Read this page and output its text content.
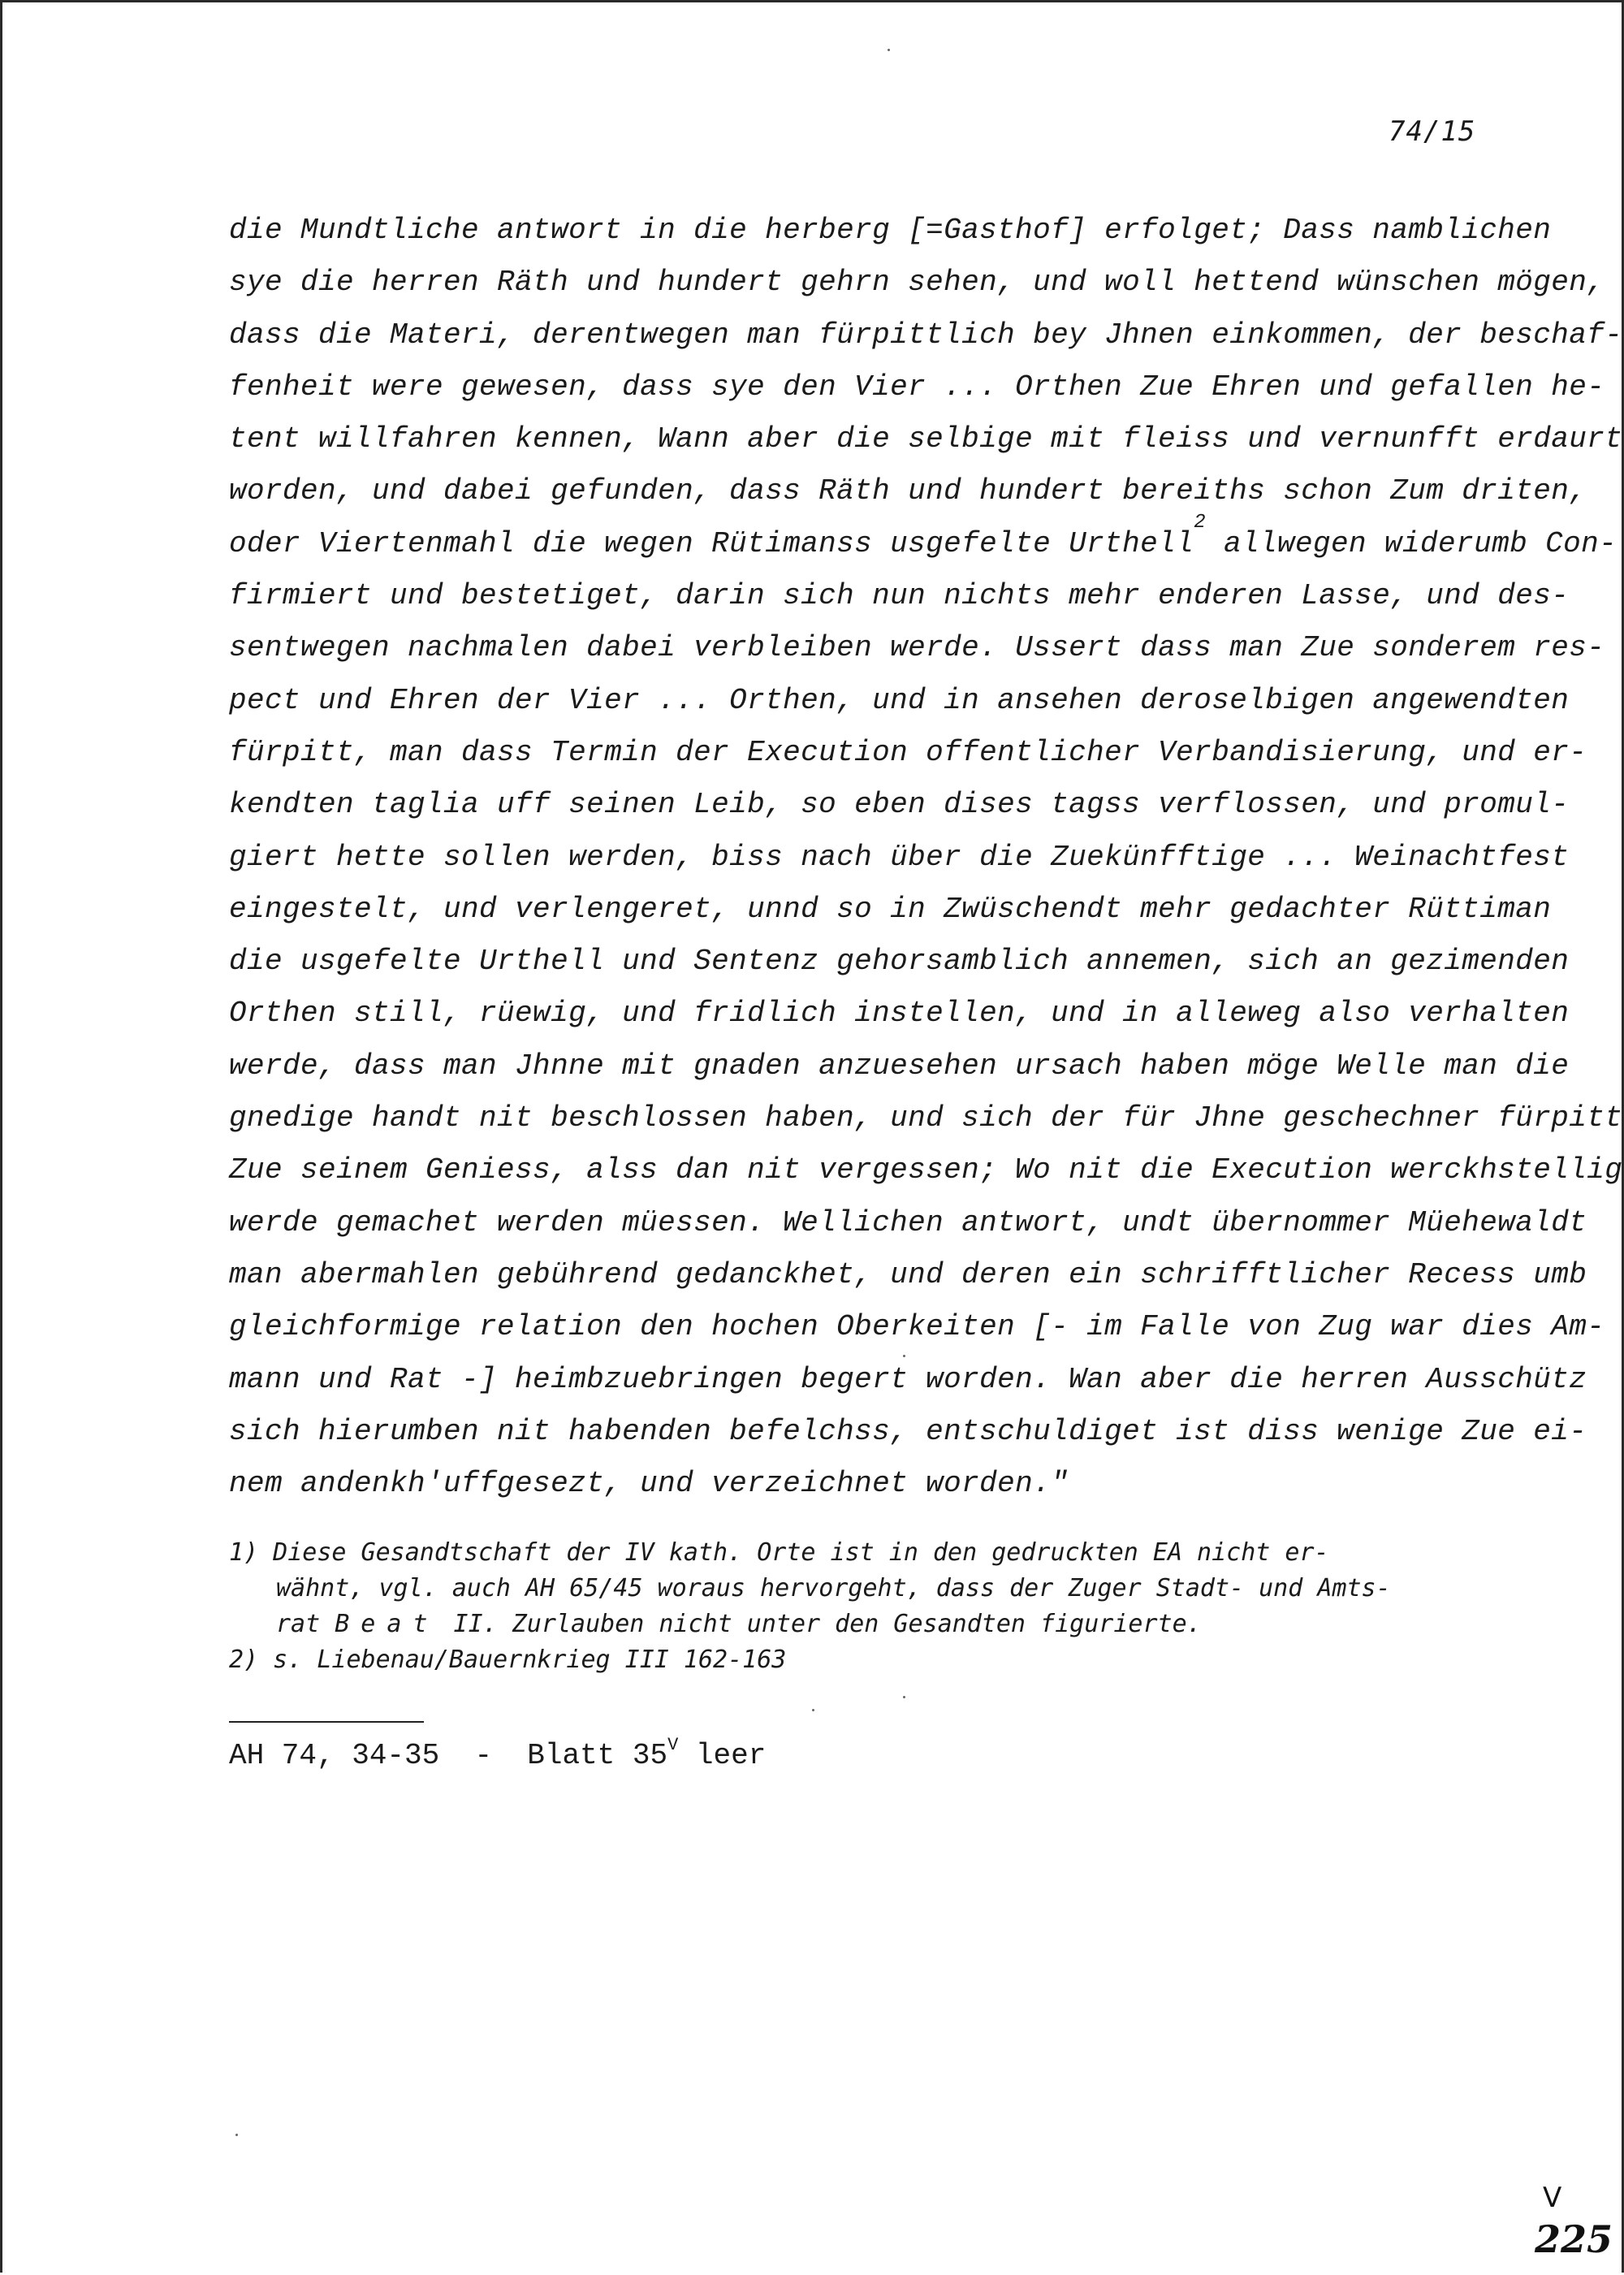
74/15
die Mundtliche antwort in die herberg [=Gasthof] erfolget; Dass namblichen
sye die herren Räth und hundert gehrn sehen, und woll hettend wünschen mögen,
dass die Materi, derentwegen man fürpittlich bey Jhnen einkommen, der beschaf-
fenheit were gewesen, dass sye den Vier ... Orthen Zue Ehren und gefallen he-
tent willfahren kennen, Wann aber die selbige mit fleiss und vernunfft erdaurt
worden, und dabei gefunden, dass Räth und hundert bereiths schon Zum driten,
oder Viertenmahl die wegen Rütimanss usgefelte Urthell$^2$ allwegen widerumb Con-
firmiert und bestetiget, darin sich nun nichts mehr enderen Lasse, und des-
sentwegen nachmalen dabei verbleiben werde. Ussert dass man Zue sonderem res-
pect und Ehren der Vier ... Orthen, und in ansehen deroselbigen angewendten
fürpitt, man dass Termin der Execution offentlicher Verbandisierung, und er-
kendten taglia uff seinen Leib, so eben dises tagss verflossen, und promul-
giert hette sollen werden, biss nach über die Zuekünfftige ... Weinachtfest
eingestelt, und verlengeret, unnd so in Zwüschendt mehr gedachter Rüttiman
die usgefelte Urthell und Sentenz gehorsamblich annemen, sich an gezimenden
Orthen still, rüewig, und fridlich instellen, und in alleweg also verhalten
werde, dass man Jhnne mit gnaden anzuesehen ursach haben möge Welle man die
gnedige handt nit beschlossen haben, und sich der für Jhne geschechner fürpitt
Zue seinem Geniess, alss dan nit vergessen; Wo nit die Execution werckhstellig
werde gemachet werden müessen. Wellichen antwort, undt übernommer Müehewaldt
man abermahlen gebührend gedanckhet, und deren ein schrifftlicher Recess umb
gleichformige relation den hochen Oberkeiten [- im Falle von Zug war dies Am-
mann und Rat -] heimbzuebringen begert worden. Wan aber die herren Ausschütz
sich hierumben nit habenden befelchss, entschuldiget ist diss wenige Zue ei-
nem andenkh'uffgesezt, und verzeichnet worden."
1) Diese Gesandtschaft der IV kath. Orte ist in den gedruckten EA nicht er-
wähnt, vgl. auch AH 65/45 woraus hervorgeht, dass der Zuger Stadt- und Amts-
rat Beat II. Zurlauben nicht unter den Gesandten figurierte.
2) s. Liebenau/Bauernkrieg III 162-163
AH 74, 34-35  -  Blatt $35^V$ leer
V
225
